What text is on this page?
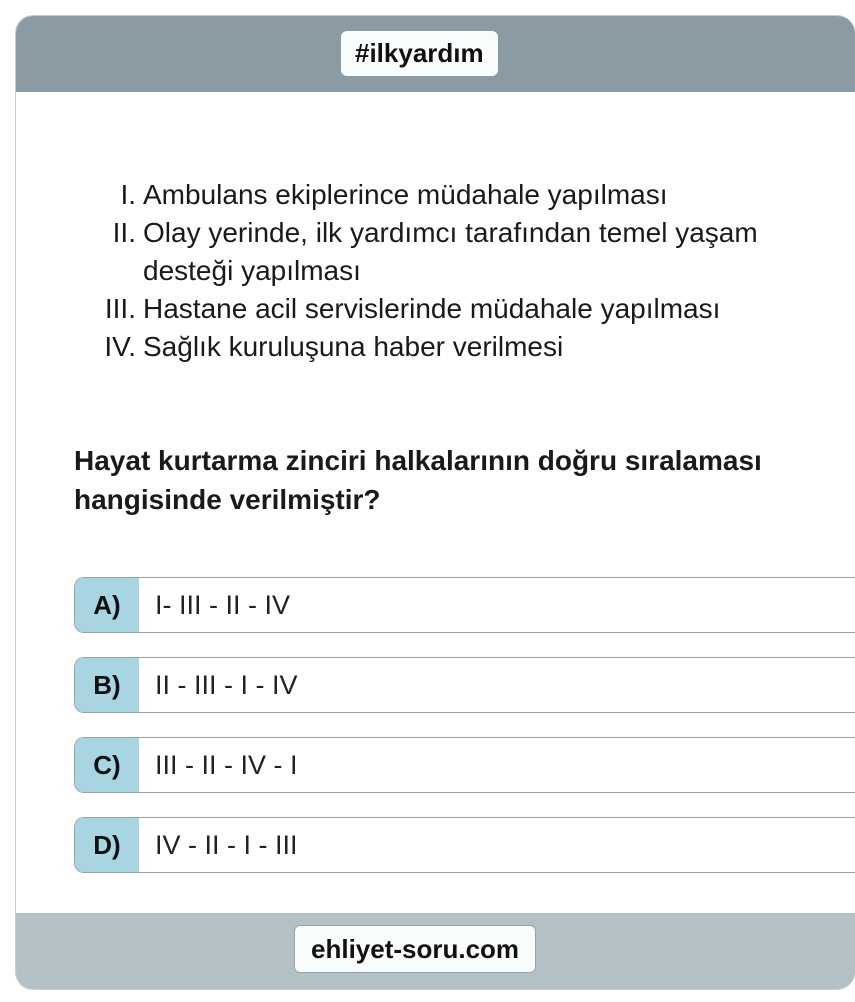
#ilkyardım
I. Ambulans ekiplerince müdahale yapılması
II. Olay yerinde, ilk yardımcı tarafından temel yaşam
desteği yapılması
III. Hastane acil servislerinde müdahale yapılması
IV. Sağlık kuruluşuna haber verilmesi
Hayat kurtarma zinciri halkalarının doğru sıralaması
hangisinde verilmiştir?
A)	I- III - II - IV
B)	II - III - I - IV
C)	III - II - IV - I
D)	IV - II - I - III
ehliyet-soru.com
